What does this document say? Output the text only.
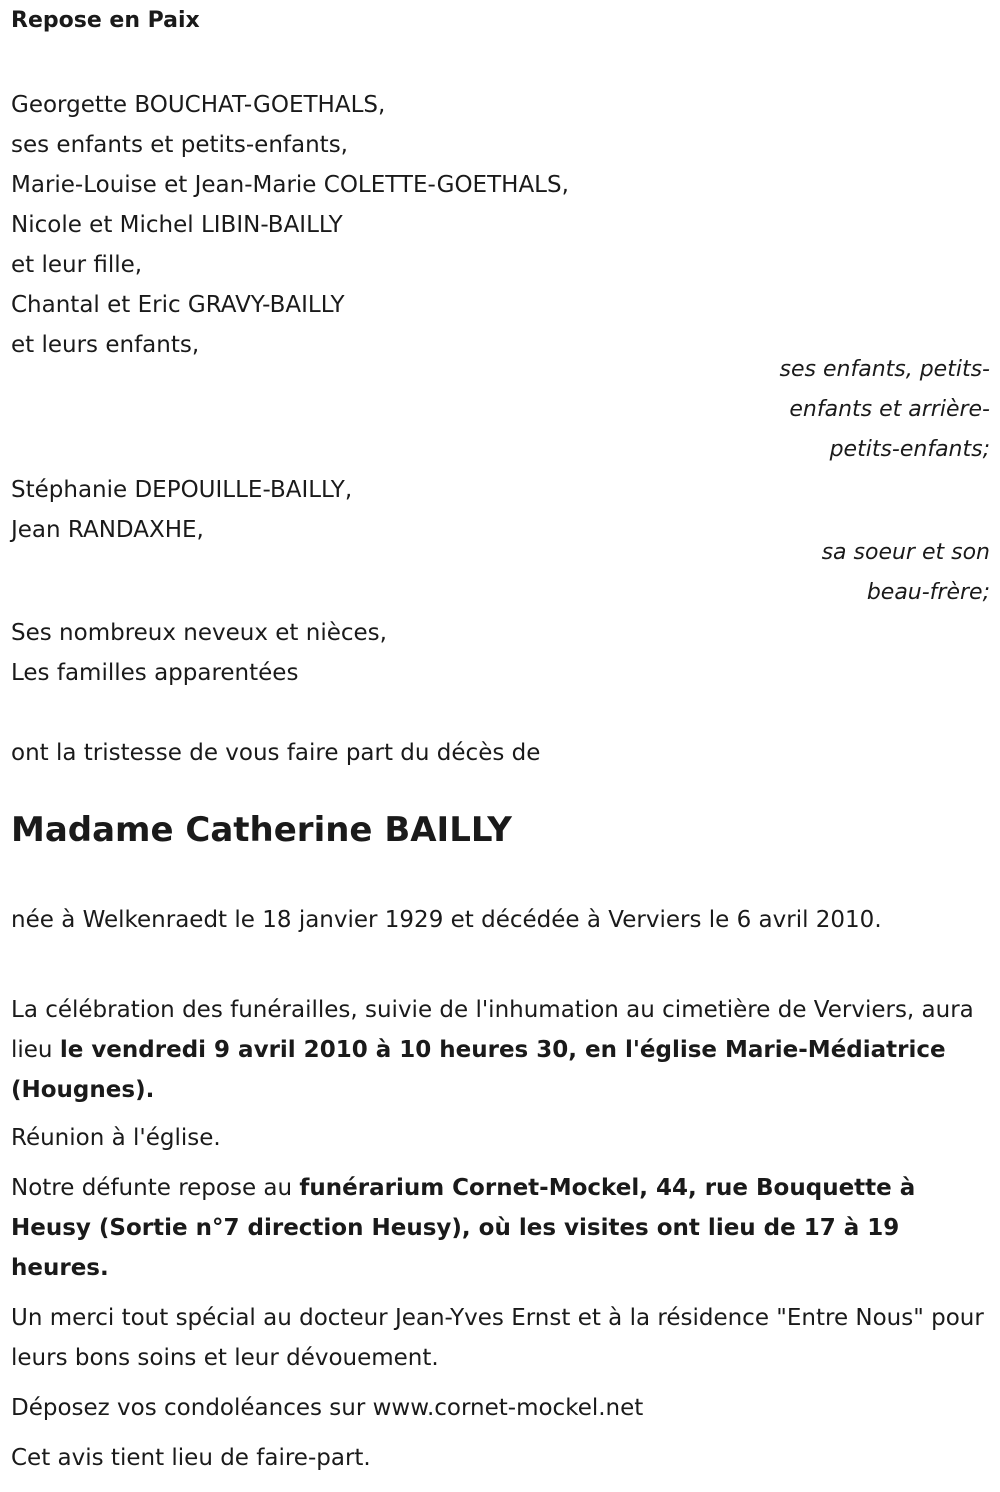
Repose en Paix
Georgette BOUCHAT-GOETHALS,
ses enfants et petits-enfants,
Marie-Louise et Jean-Marie COLETTE-GOETHALS,
Nicole et Michel LIBIN-BAILLY
et leur fille,
Chantal et Eric GRAVY-BAILLY
et leurs enfants,
ses enfants, petits-
enfants et arrière-
petits-enfants;
Stéphanie DEPOUILLE-BAILLY,
Jean RANDAXHE,
sa soeur et son
beau-frère;
Ses nombreux neveux et nièces,
Les familles apparentées
ont la tristesse de vous faire part du décès de
Madame Catherine BAILLY
née à Welkenraedt le 18 janvier 1929 et décédée à Verviers le 6 avril 2010.
La célébration des funérailles, suivie de l'inhumation au cimetière de Verviers, aura lieu le vendredi 9 avril 2010 à 10 heures 30, en l'église Marie-Médiatrice (Hougnes).
Réunion à l'église.
Notre défunte repose au funérarium Cornet-Mockel, 44, rue Bouquette à Heusy (Sortie n°7 direction Heusy), où les visites ont lieu de 17 à 19 heures.
Un merci tout spécial au docteur Jean-Yves Ernst et à la résidence "Entre Nous" pour leurs bons soins et leur dévouement.
Déposez vos condoléances sur www.cornet-mockel.net
Cet avis tient lieu de faire-part.
